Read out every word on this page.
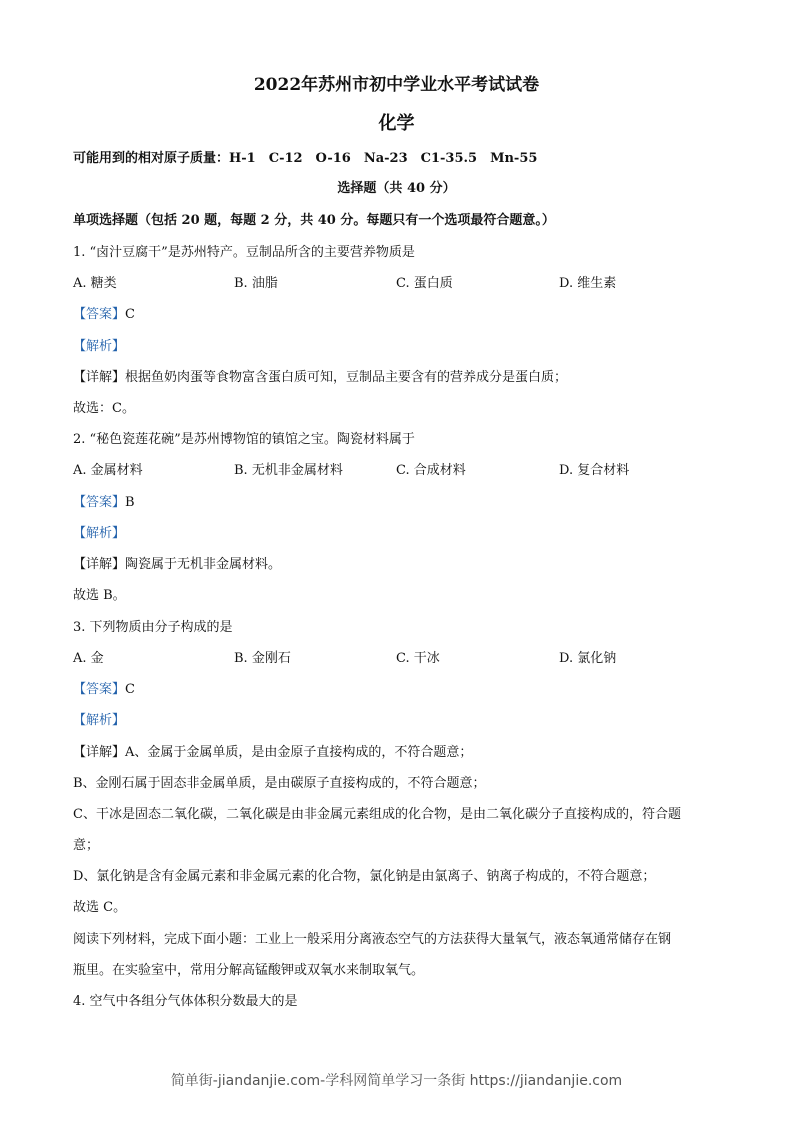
2022年苏州市初中学业水平考试试卷
化学
可能用到的相对原子质量：H-1　C-12　O-16　Na-23　C1-35.5　Mn-55
选择题（共 40 分）
单项选择题（包括 20 题，每题 2 分，共 40 分。每题只有一个选项最符合题意。）
1. “卤汁豆腐干”是苏州特产。豆制品所含的主要营养物质是
A. 糖类	B. 油脂	C. 蛋白质	D. 维生素
【答案】C
【解析】
【详解】根据鱼奶肉蛋等食物富含蛋白质可知，豆制品主要含有的营养成分是蛋白质；
故选：C。
2. “秘色瓷莲花碗”是苏州博物馆的镇馆之宝。陶瓷材料属于
A. 金属材料	B. 无机非金属材料	C. 合成材料	D. 复合材料
【答案】B
【解析】
【详解】陶瓷属于无机非金属材料。
故选 B。
3. 下列物质由分子构成的是
A. 金	B. 金刚石	C. 干冰	D. 氯化钠
【答案】C
【解析】
【详解】A、金属于金属单质，是由金原子直接构成的，不符合题意；
B、金刚石属于固态非金属单质，是由碳原子直接构成的，不符合题意；
C、干冰是固态二氧化碳，二氧化碳是由非金属元素组成的化合物，是由二氧化碳分子直接构成的，符合题
意；
D、氯化钠是含有金属元素和非金属元素的化合物，氯化钠是由氯离子、钠离子构成的，不符合题意；
故选 C。
阅读下列材料，完成下面小题：工业上一般采用分离液态空气的方法获得大量氧气，液态氧通常储存在钢
瓶里。在实验室中，常用分解高锰酸钾或双氧水来制取氧气。
4. 空气中各组分气体体积分数最大的是
简单街-jiandanjie.com-学科网简单学习一条街 https://jiandanjie.com
